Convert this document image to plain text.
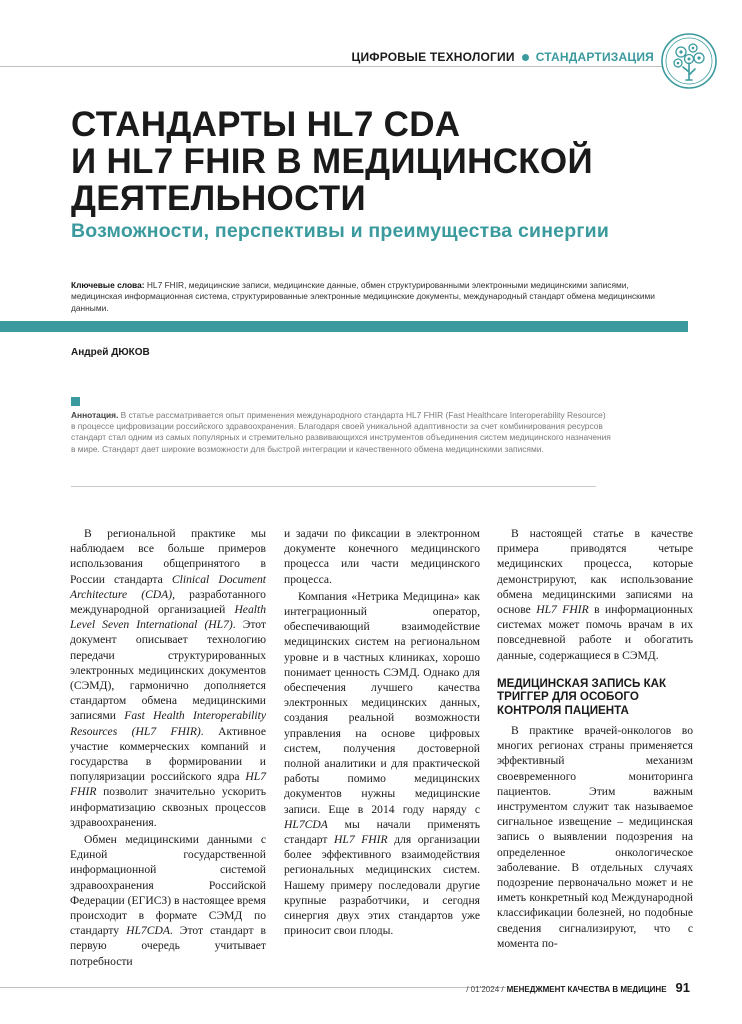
ЦИФРОВЫЕ ТЕХНОЛОГИИ СТАНДАРТИЗАЦИЯ
СТАНДАРТЫ HL7 CDA
И HL7 FHIR В МЕДИЦИНСКОЙ
ДЕЯТЕЛЬНОСТИ
Возможности, перспективы и преимущества синергии
Ключевые слова: HL7 FHIR, медицинские записи, медицинские данные, обмен структурированными электронными медицинскими записями, медицинская информационная система, структурированные электронные медицинские документы, международный стандарт обмена медицинскими данными.
Андрей ДЮКОВ
Аннотация. В статье рассматривается опыт применения международного стандарта HL7 FHIR (Fast Healthcare Interoperability Resource) в процессе цифровизации российского здравоохранения. Благодаря своей уникальной адаптивности за счет комбинирования ресурсов стандарт стал одним из самых популярных и стремительно развивающихся инструментов объединения систем медицинского назначения в мире. Стандарт дает широкие возможности для быстрой интеграции и качественного обмена медицинскими записями.

В региональной практике мы наблюдаем все больше примеров использования общепринятого в России стандарта Clinical Document Architecture (CDA), разработанного международной организацией Health Level Seven International (HL7). Этот документ описывает технологию передачи структурированных электронных медицинских документов (СЭМД), гармонично дополняется стандартом обмена медицинскими записями Fast Health Interoperability Resources (HL7 FHIR). Активное участие коммерческих компаний и государства в формировании и популяризации российского ядра HL7 FHIR позволит значительно ускорить информатизацию сквозных процессов здравоохранения.

Обмен медицинскими данными с Единой государственной информационной системой здравоохранения Российской Федерации (ЕГИСЗ) в настоящее время происходит в формате СЭМД по стандарту HL7CDA. Этот стандарт в первую очередь учитывает потребности

и задачи по фиксации в электронном документе конечного медицинского процесса или части медицинского процесса.

Компания «Нетрика Медицина» как интеграционный оператор, обеспечивающий взаимодействие медицинских систем на региональном уровне и в частных клиниках, хорошо понимает ценность СЭМД. Однако для обеспечения лучшего качества электронных медицинских данных, создания реальной возможности управления на основе цифровых систем, получения достоверной полной аналитики и для практической работы помимо медицинских документов нужны медицинские записи. Еще в 2014 году наряду с HL7CDA мы начали применять стандарт HL7 FHIR для организации более эффективного взаимодействия региональных медицинских систем. Нашему примеру последовали другие крупные разработчики, и сегодня синергия двух этих стандартов уже приносит свои плоды.

В настоящей статье в качестве примера приводятся четыре медицинских процесса, которые демонстрируют, как использование обмена медицинскими записями на основе HL7 FHIR в информационных системах может помочь врачам в их повседневной работе и обогатить данные, содержащиеся в СЭМД.

МЕДИЦИНСКАЯ ЗАПИСЬ КАК ТРИГГЕР ДЛЯ ОСОБОГО КОНТРОЛЯ ПАЦИЕНТА

В практике врачей-онкологов во многих регионах страны применяется эффективный механизм своевременного мониторинга пациентов. Этим важным инструментом служит так называемое сигнальное извещение – медицинская запись о выявлении подозрения на определенное онкологическое заболевание. В отдельных случаях подозрение первоначально может и не иметь конкретный код Международной классификации болезней, но подобные сведения сигнализируют, что с момента по-

/ 01’2024 / МЕНЕДЖМЕНТ КАЧЕСТВА В МЕДИЦИНЕ 91
